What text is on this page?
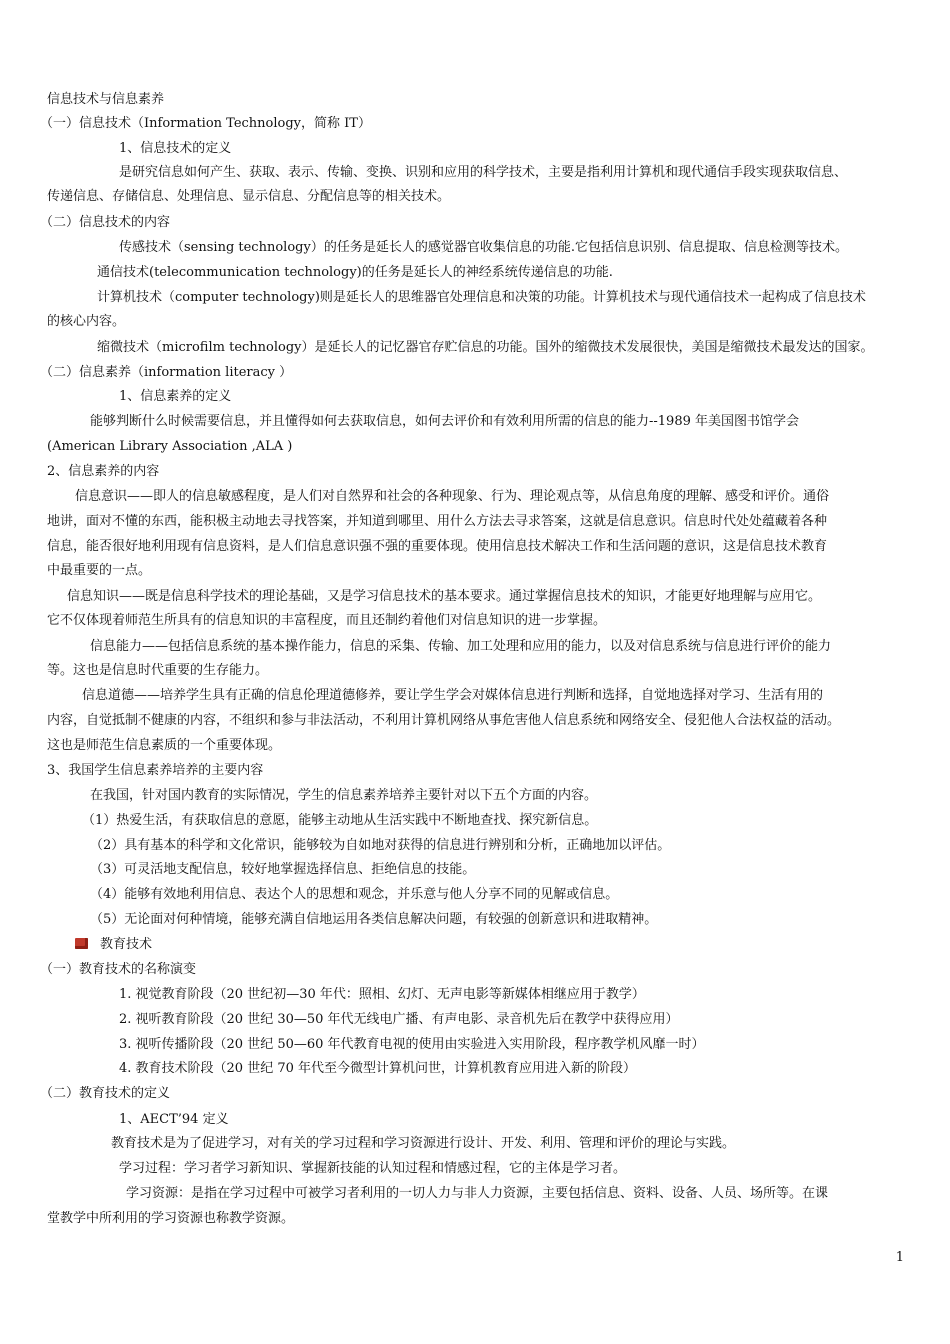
信息技术与信息素养
（一）信息技术（Information Technology，简称 IT）
1、信息技术的定义
是研究信息如何产生、获取、表示、传输、变换、识别和应用的科学技术，主要是指利用计算机和现代通信手段实现获取信息、
传递信息、存储信息、处理信息、显示信息、分配信息等的相关技术。
（二）信息技术的内容
传感技术（sensing technology）的任务是延长人的感觉器官收集信息的功能.它包括信息识别、信息提取、信息检测等技术。
通信技术(telecommunication technology)的任务是延长人的神经系统传递信息的功能.
计算机技术（computer technology)则是延长人的思维器官处理信息和决策的功能。计算机技术与现代通信技术一起构成了信息技术
的核心内容。
缩微技术（microfilm technology）是延长人的记忆器官存贮信息的功能。国外的缩微技术发展很快，美国是缩微技术最发达的国家。
（二）信息素养（information literacy ）
1、信息素养的定义
能够判断什么时候需要信息，并且懂得如何去获取信息，如何去评价和有效利用所需的信息的能力--1989 年美国图书馆学会
(American Library Association ,ALA )
2、信息素养的内容
信息意识——即人的信息敏感程度，是人们对自然界和社会的各种现象、行为、理论观点等，从信息角度的理解、感受和评价。通俗
地讲，面对不懂的东西，能积极主动地去寻找答案，并知道到哪里、用什么方法去寻求答案，这就是信息意识。信息时代处处蕴藏着各种
信息，能否很好地利用现有信息资料，是人们信息意识强不强的重要体现。使用信息技术解决工作和生活问题的意识，这是信息技术教育
中最重要的一点。
信息知识——既是信息科学技术的理论基础，又是学习信息技术的基本要求。通过掌握信息技术的知识，才能更好地理解与应用它。
它不仅体现着师范生所具有的信息知识的丰富程度，而且还制约着他们对信息知识的进一步掌握。
信息能力——包括信息系统的基本操作能力，信息的采集、传输、加工处理和应用的能力，以及对信息系统与信息进行评价的能力
等。这也是信息时代重要的生存能力。
信息道德——培养学生具有正确的信息伦理道德修养，要让学生学会对媒体信息进行判断和选择，自觉地选择对学习、生活有用的
内容，自觉抵制不健康的内容，不组织和参与非法活动，不利用计算机网络从事危害他人信息系统和网络安全、侵犯他人合法权益的活动。
这也是师范生信息素质的一个重要体现。
3、我国学生信息素养培养的主要内容
在我国，针对国内教育的实际情况，学生的信息素养培养主要针对以下五个方面的内容。
（1）热爱生活，有获取信息的意愿，能够主动地从生活实践中不断地查找、探究新信息。
（2）具有基本的科学和文化常识，能够较为自如地对获得的信息进行辨别和分析，正确地加以评估。
（3）可灵活地支配信息，较好地掌握选择信息、拒绝信息的技能。
（4）能够有效地利用信息、表达个人的思想和观念，并乐意与他人分享不同的见解或信息。
（5）无论面对何种情境，能够充满自信地运用各类信息解决问题，有较强的创新意识和进取精神。
教育技术
（一）教育技术的名称演变
1. 视觉教育阶段（20 世纪初—30 年代：照相、幻灯、无声电影等新媒体相继应用于教学）
2. 视听教育阶段（20 世纪 30—50 年代无线电广播、有声电影、录音机先后在教学中获得应用）
3. 视听传播阶段（20 世纪 50—60 年代教育电视的使用由实验进入实用阶段，程序教学机风靡一时）
4. 教育技术阶段（20 世纪 70 年代至今微型计算机问世，计算机教育应用进入新的阶段）
（二）教育技术的定义
1、AECT’94 定义
教育技术是为了促进学习，对有关的学习过程和学习资源进行设计、开发、利用、管理和评价的理论与实践。
学习过程：学习者学习新知识、掌握新技能的认知过程和情感过程，它的主体是学习者。
学习资源：是指在学习过程中可被学习者利用的一切人力与非人力资源，主要包括信息、资料、设备、人员、场所等。在课
堂教学中所利用的学习资源也称教学资源。
1
